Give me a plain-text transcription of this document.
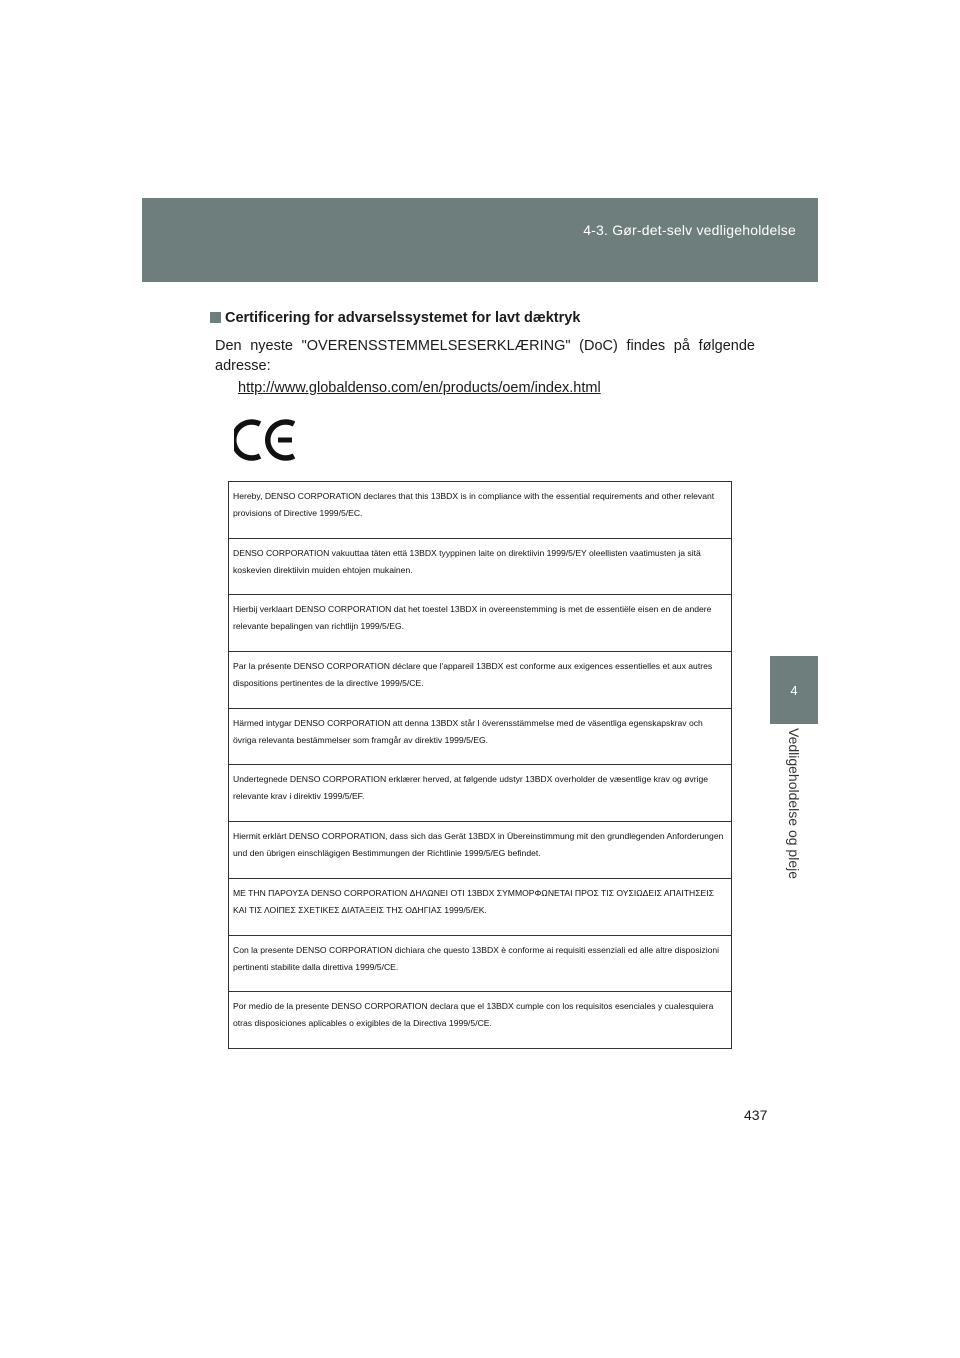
4-3. Gør-det-selv vedligeholdelse
4
Vedligeholdelse og pleje
Certificering for advarselssystemet for lavt dæktryk

Den nyeste "OVERENSSTEMMELSESERKLÆRING" (DoC) findes på følgende adresse:

http://www.globaldenso.com/en/products/oem/index.html
Hereby, DENSO CORPORATION declares that this 13BDX is in compliance with the essential requirements and other relevant provisions of Directive 1999/5/EC.
DENSO CORPORATION vakuuttaa täten että 13BDX tyyppinen laite on direktiivin 1999/5/EY oleellisten vaatimusten ja sitä koskevien direktiivin muiden ehtojen mukainen.
Hierbij verklaart DENSO CORPORATION dat het toestel 13BDX in overeenstemming is met de essentiële eisen en de andere relevante bepalingen van richtlijn 1999/5/EG.
Par la présente DENSO CORPORATION déclare que l'appareil 13BDX est conforme aux exigences essentielles et aux autres dispositions pertinentes de la directive 1999/5/CE.
Härmed intygar DENSO CORPORATION att denna 13BDX står I överensstämmelse med de väsentliga egenskapskrav och övriga relevanta bestämmelser som framgår av direktiv 1999/5/EG.
Undertegnede DENSO CORPORATION erklærer herved, at følgende udstyr 13BDX overholder de væsentlige krav og øvrige relevante krav i direktiv 1999/5/EF.
Hiermit erklärt DENSO CORPORATION, dass sich das Gerät 13BDX in Übereinstimmung mit den grundlegenden Anforderungen und den übrigen einschlägigen Bestimmungen der Richtlinie 1999/5/EG befindet.
ΜΕ ΤΗΝ ΠΑΡΟΥΣΑ DENSO CORPORATION ΔΗΛΩΝΕΙ ΟΤΙ 13BDX ΣΥΜΜΟΡΦΩΝΕΤΑΙ ΠΡΟΣ ΤΙΣ ΟΥΣΙΩΔΕΙΣ ΑΠΑΙΤΗΣΕΙΣ ΚΑΙ ΤΙΣ ΛΟΙΠΕΣ ΣΧΕΤΙΚΕΣ ΔΙΑΤΑΞΕΙΣ ΤΗΣ ΟΔΗΓΙΑΣ 1999/5/ΕΚ.
Con la presente DENSO CORPORATION dichiara che questo 13BDX è conforme ai requisiti essenziali ed alle altre disposizioni pertinenti stabilite dalla direttiva 1999/5/CE.
Por medio de la presente DENSO CORPORATION declara que el 13BDX cumple con los requisitos esenciales y cualesquiera otras disposiciones aplicables o exigibles de la Directiva 1999/5/CE.
437
